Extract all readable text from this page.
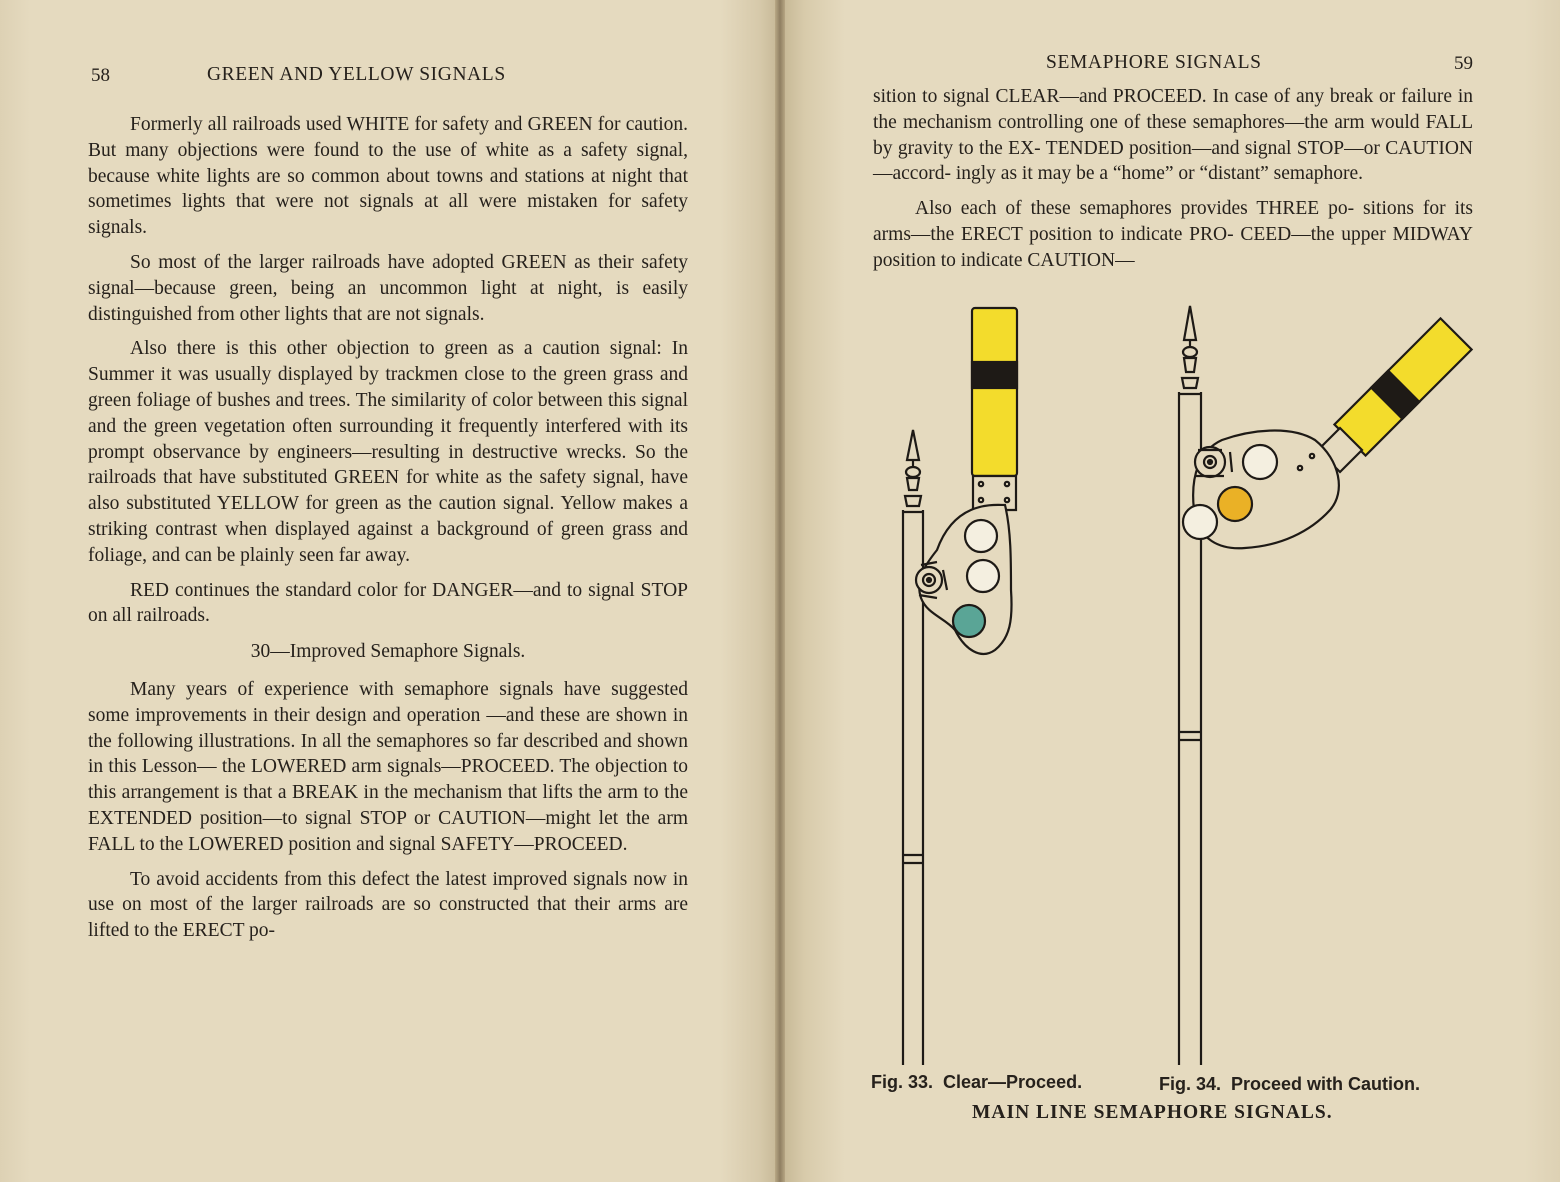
58	GREEN AND YELLOW SIGNALS

Formerly all railroads used WHITE for safety and GREEN for caution. But many objections were found to the use of white as a safety signal, because white lights are so common about towns and stations at night that sometimes lights that were not signals at all were mistaken for safety signals.

So most of the larger railroads have adopted GREEN as their safety signal—because green, being an uncommon light at night, is easily distinguished from other lights that are not signals.

Also there is this other objection to green as a caution signal: In Summer it was usually displayed by trackmen close to the green grass and green foliage of bushes and trees. The similarity of color between this signal and the green vegetation often surrounding it frequently interfered with its prompt observance by engineers—resulting in destructive wrecks. So the railroads that have substituted GREEN for white as the safety signal, have also substituted YELLOW for green as the caution signal. Yellow makes a striking contrast when displayed against a background of green grass and foliage, and can be plainly seen far away.

RED continues the standard color for DANGER—and to signal STOP on all railroads.

30—Improved Semaphore Signals.

Many years of experience with semaphore signals have suggested some improvements in their design and operation —and these are shown in the following illustrations. In all the semaphores so far described and shown in this Lesson— the LOWERED arm signals—PROCEED. The objection to this arrangement is that a BREAK in the mechanism that lifts the arm to the EXTENDED position—to signal STOP or CAUTION—might let the arm FALL to the LOWERED position and signal SAFETY—PROCEED.

To avoid accidents from this defect the latest improved signals now in use on most of the larger railroads are so constructed that their arms are lifted to the ERECT po-

SEMAPHORE SIGNALS	59

sition to signal CLEAR—and PROCEED. In case of any break or failure in the mechanism controlling one of these semaphores—the arm would FALL by gravity to the EX- TENDED position—and signal STOP—or CAUTION—accord- ingly as it may be a “home” or “distant” semaphore.

Also each of these semaphores provides THREE po- sitions for its arms—the ERECT position to indicate PRO- CEED—the upper MIDWAY position to indicate CAUTION—

Fig. 33.  Clear—Proceed.	Fig. 34.  Proceed with Caution.
MAIN LINE SEMAPHORE SIGNALS.
